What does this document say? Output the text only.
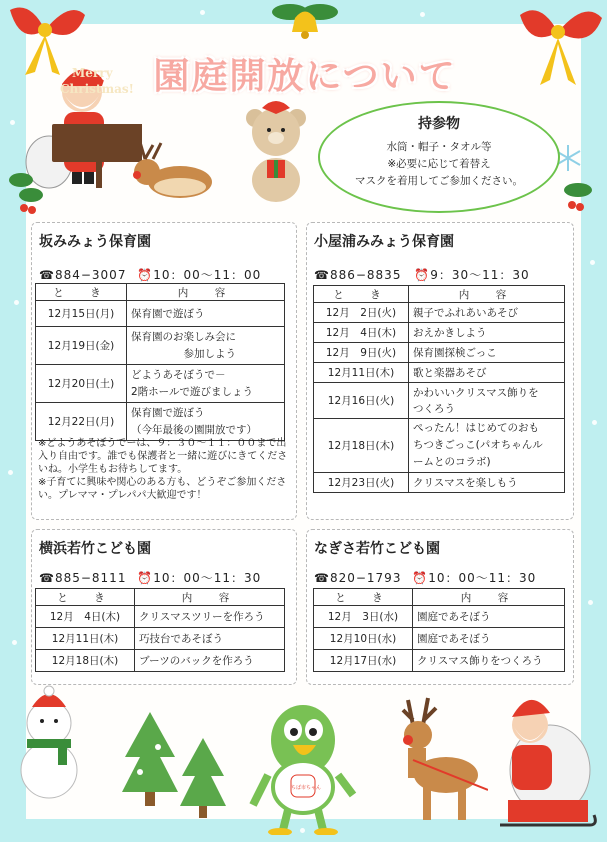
Merry
Christmas! 園庭開放について
持参物
水筒・帽子・タオル等
※必要に応じて着替え
マスクを着用してご参加ください。
坂みみょう保育園
☎884−3007 ⏰10：00～11：00
と　き	内　容
12月15日(月)	保育園で遊ぼう
12月19日(金)	保育園のお楽しみ会に
　　　　　参加しよう
12月20日(土)	どようあそぼうで－
2階ホールで遊びましょう
12月22日(月)	保育園で遊ぼう
（今年最後の園開放です）
※どようあそぼうでーは、９：３０～１１：００まで出入り自由です。誰でも保護者と一緒に遊びにきてくださいね。小学生もお待ちしてます。
※子育てに興味や関心のある方も、どうぞご参加ください。プレママ・プレパパ大歓迎です！
小屋浦みみょう保育園
☎886−8835 ⏰9：30～11：30
と　き	内　容
12月　2日(火)	親子でふれあいあそび
12月　4日(木)	おえかきしよう
12月　9日(火)	保育園探検ごっこ
12月11日(木)	歌と楽器あそび
12月16日(火)	かわいいクリスマス飾りを
つくろう
12月18日(木)	ぺったん！はじめてのおも
ちつきごっこ(パオちゃんル
ームとのコラボ)
12月23日(火)	クリスマスを楽しもう
横浜若竹こども園
☎885−8111 ⏰10：00～11：30
と　き	内　容
12月　4日(木)	クリスマスツリーを作ろう
12月11日(木)	巧技台であそぼう
12月18日(木)	ブーツのバックを作ろう
なぎさ若竹こども園
☎820−1793 ⏰10：00～11：30
と　き	内　容
12月　3日(水)	園庭であそぼう
12月10日(水)	園庭であそぼう
12月17日(水)	クリスマス飾りをつくろう
ちば市ちゃん
